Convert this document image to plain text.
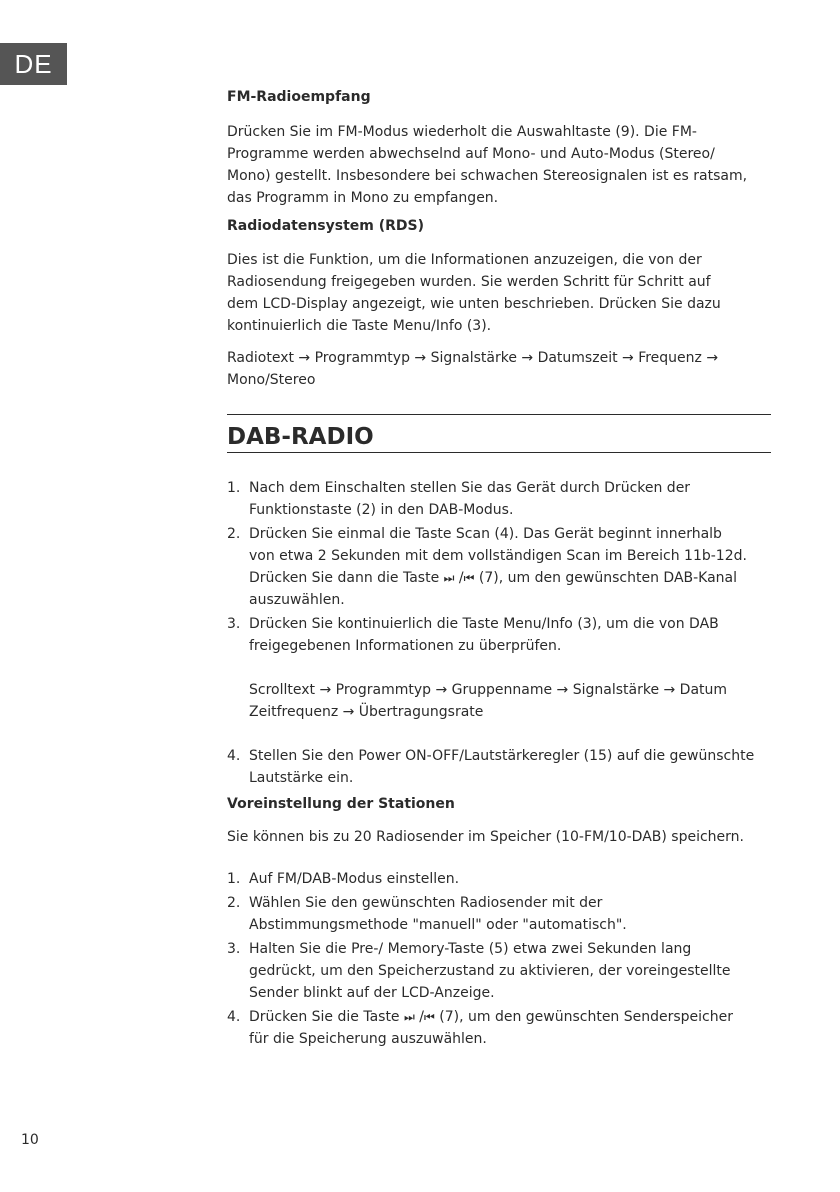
DE
FM-Radioempfang
Drücken Sie im FM-Modus wiederholt die Auswahltaste (9). Die FM-
Programme werden abwechselnd auf Mono- und Auto-Modus (Stereo/
Mono) gestellt. Insbesondere bei schwachen Stereosignalen ist es ratsam,
das Programm in Mono zu empfangen.
Radiodatensystem (RDS)
Dies ist die Funktion, um die Informationen anzuzeigen, die von der
Radiosendung freigegeben wurden. Sie werden Schritt für Schritt auf
dem LCD-Display angezeigt, wie unten beschrieben. Drücken Sie dazu
kontinuierlich die Taste Menu/Info (3).
Radiotext → Programmtyp → Signalstärke → Datumszeit → Frequenz →
Mono/Stereo
DAB-RADIO
1. Nach dem Einschalten stellen Sie das Gerät durch Drücken der
Funktionstaste (2) in den DAB-Modus.
2. Drücken Sie einmal die Taste Scan (4). Das Gerät beginnt innerhalb
von etwa 2 Sekunden mit dem vollständigen Scan im Bereich 11b-12d.
Drücken Sie dann die Taste ⏭ /⏮ (7), um den gewünschten DAB-Kanal
auszuwählen.
3. Drücken Sie kontinuierlich die Taste Menu/Info (3), um die von DAB
freigegebenen Informationen zu überprüfen.
Scrolltext → Programmtyp → Gruppenname → Signalstärke → Datum
Zeitfrequenz → Übertragungsrate
4. Stellen Sie den Power ON-OFF/Lautstärkeregler (15) auf die gewünschte
Lautstärke ein.
Voreinstellung der Stationen
Sie können bis zu 20 Radiosender im Speicher (10-FM/10-DAB) speichern.
1. Auf FM/DAB-Modus einstellen.
2. Wählen Sie den gewünschten Radiosender mit der
Abstimmungsmethode "manuell" oder "automatisch".
3. Halten Sie die Pre-/ Memory-Taste (5) etwa zwei Sekunden lang
gedrückt, um den Speicherzustand zu aktivieren, der voreingestellte
Sender blinkt auf der LCD-Anzeige.
4. Drücken Sie die Taste ⏭ /⏮ (7), um den gewünschten Senderspeicher
für die Speicherung auszuwählen.
10
